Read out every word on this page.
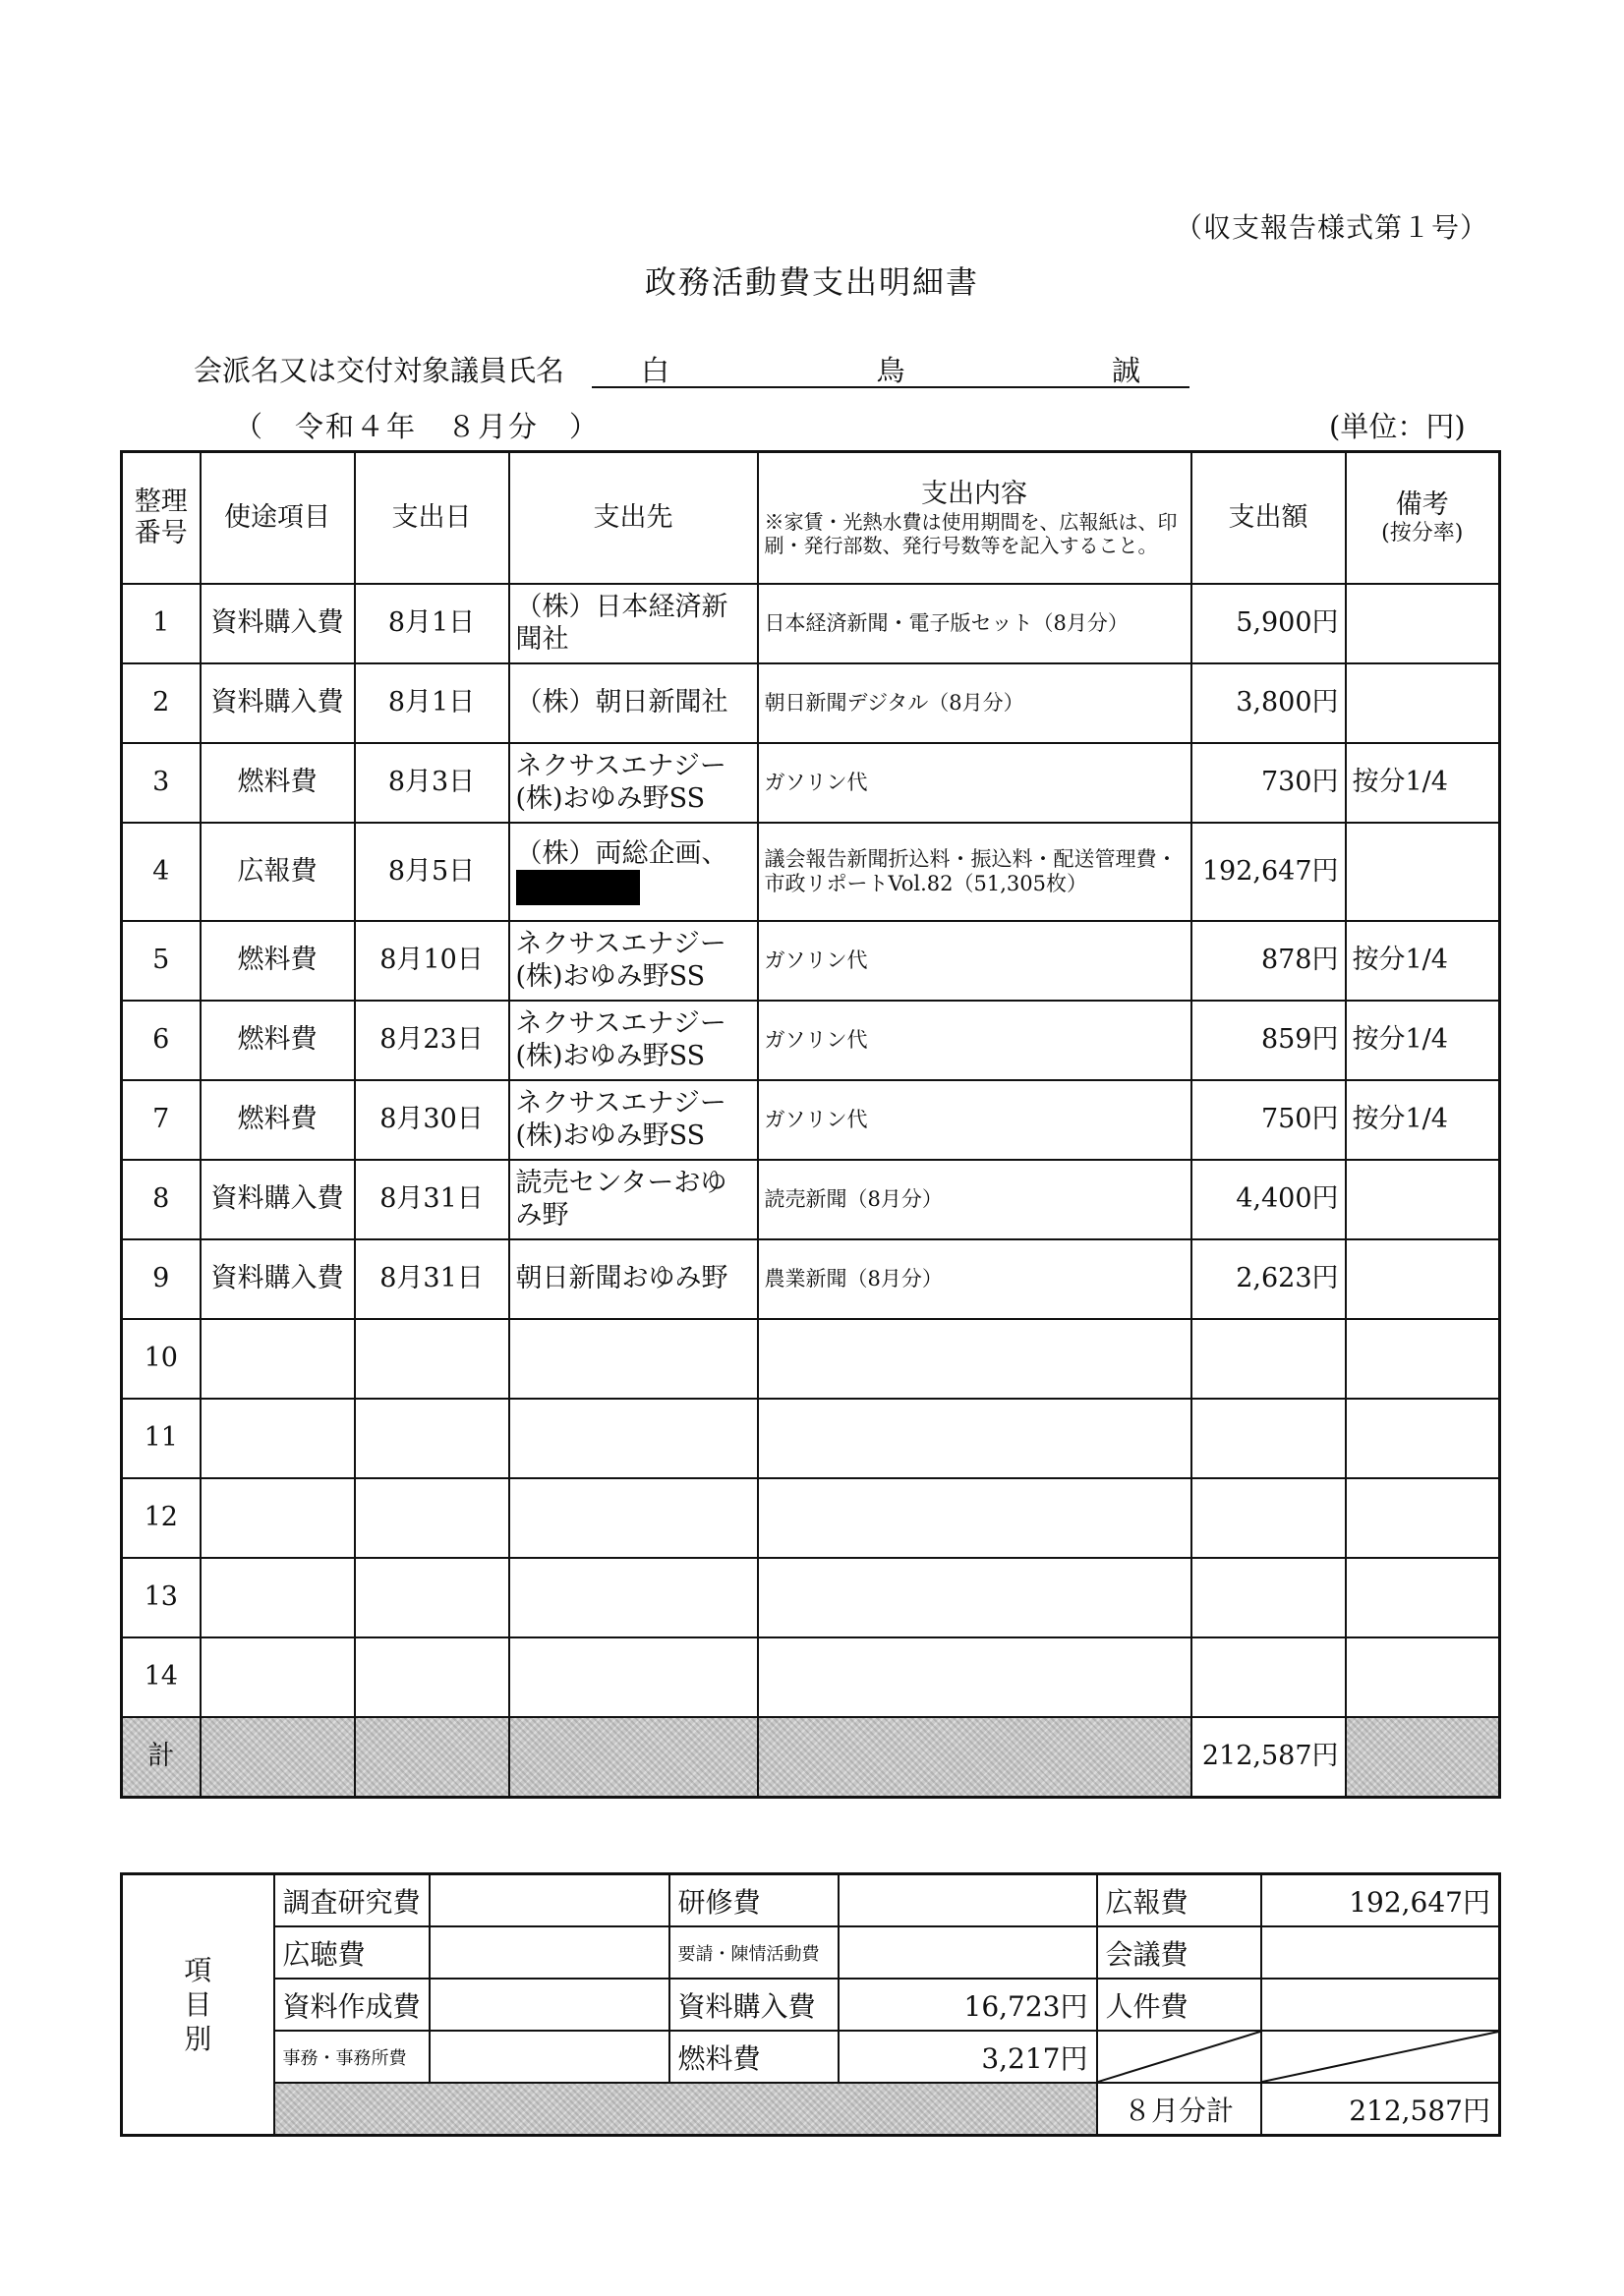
（収支報告様式第１号）
政務活動費支出明細書
会派名又は交付対象議員氏名	白	鳥	誠
（　令和４年　８月分　）	(単位：円)
整理番号	使途項目	支出日	支出先	支出内容
※家賃・光熱水費は使用期間を、広報紙は、印刷・発行部数、発行号数等を記入すること。	支出額	備考
(按分率)

1	資料購入費	8月1日	（株）日本経済新聞社	日本経済新聞・電子版セット（8月分）	5,900円	
2	資料購入費	8月1日	（株）朝日新聞社	朝日新聞デジタル（8月分）	3,800円	
3	燃料費	8月3日	ネクサスエナジー(株)おゆみ野SS	ガソリン代	730円	按分1/4
4	広報費	8月5日	（株）両総企画、	議会報告新聞折込料・振込料・配送管理費・市政リポートVol.82（51,305枚）	192,647円	
5	燃料費	8月10日	ネクサスエナジー(株)おゆみ野SS	ガソリン代	878円	按分1/4
6	燃料費	8月23日	ネクサスエナジー(株)おゆみ野SS	ガソリン代	859円	按分1/4
7	燃料費	8月30日	ネクサスエナジー(株)おゆみ野SS	ガソリン代	750円	按分1/4
8	資料購入費	8月31日	読売センターおゆみ野	読売新聞（8月分）	4,400円	
9	資料購入費	8月31日	朝日新聞おゆみ野	農業新聞（8月分）	2,623円	
10						
11						
12						
13						
14						
計					212,587円	
項
目
別	調査研究費		研修費		広報費	192,647円
	広聴費		要請・陳情活動費		会議費	
	資料作成費		資料購入費	16,723円	人件費	
	事務・事務所費		燃料費	3,217円	

					８月分計	212,587円
